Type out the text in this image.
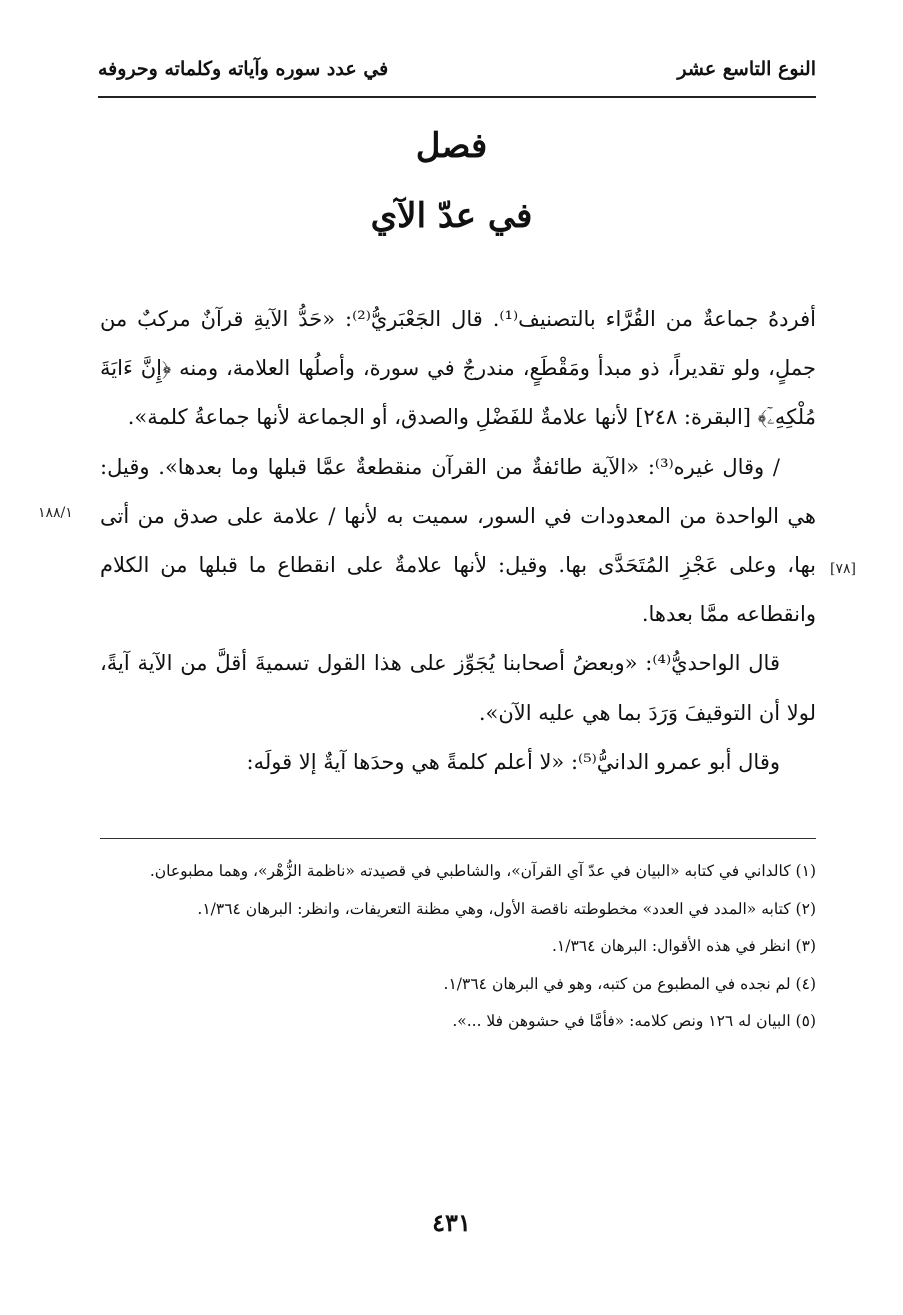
النوع التاسع عشر
في عدد سوره وآياته وكلماته وحروفه
فصل
في عدّ الآي

أفردهُ جماعةٌ من القُرَّاء بالتصنيف⁽¹⁾. قال الجَعْبَريُّ⁽²⁾: «حَدُّ الآيةِ قرآنٌ مركبٌ من جملٍ، ولو تقديراً، ذو مبدأ ومَقْطَعٍ، مندرجٌ في سورة، وأصلُها العلامة، ومنه ﴿إِنَّ ءَايَةَ مُلْكِهِۦٓ﴾ [البقرة: ٢٤٨] لأنها علامةٌ للفَضْلِ والصدق، أو الجماعة لأنها جماعةُ كلمة».

/ وقال غيره⁽³⁾: «الآية طائفةٌ من القرآن منقطعةٌ عمَّا قبلها وما بعدها». وقيل: هي الواحدة من المعدودات في السور، سميت به لأنها / علامة على صدق من أتى بها، وعلى عَجْزِ المُتَحَدَّى بها. وقيل: لأنها علامةٌ على انقطاع ما قبلها من الكلام وانقطاعه ممَّا بعدها.

قال الواحديُّ⁽⁴⁾: «وبعضُ أصحابنا يُجَوِّز على هذا القول تسميةَ أقلَّ من الآية آيةً، لولا أن التوقيفَ وَرَدَ بما هي عليه الآن».

وقال أبو عمرو الدانيُّ⁽⁵⁾: «لا أعلم كلمةً هي وحدَها آيةٌ إلا قولَه:

١٨٨/١
[٧٨]

(١) كالداني في كتابه «البيان في عدّ آي القرآن»، والشاطبي في قصيدته «ناظمة الزُّهْر»، وهما مطبوعان.

(٢) كتابه «المدد في العدد» مخطوطته ناقصة الأول، وهي مظنة التعريفات، وانظر: البرهان ١/٣٦٤.

(٣) انظر في هذه الأقوال: البرهان ١/٣٦٤.

(٤) لم نجده في المطبوع من كتبه، وهو في البرهان ١/٣٦٤.

(٥) البيان له ١٢٦ ونص كلامه: «فأمَّا في حشوهن فلا ...».

٤٣١
